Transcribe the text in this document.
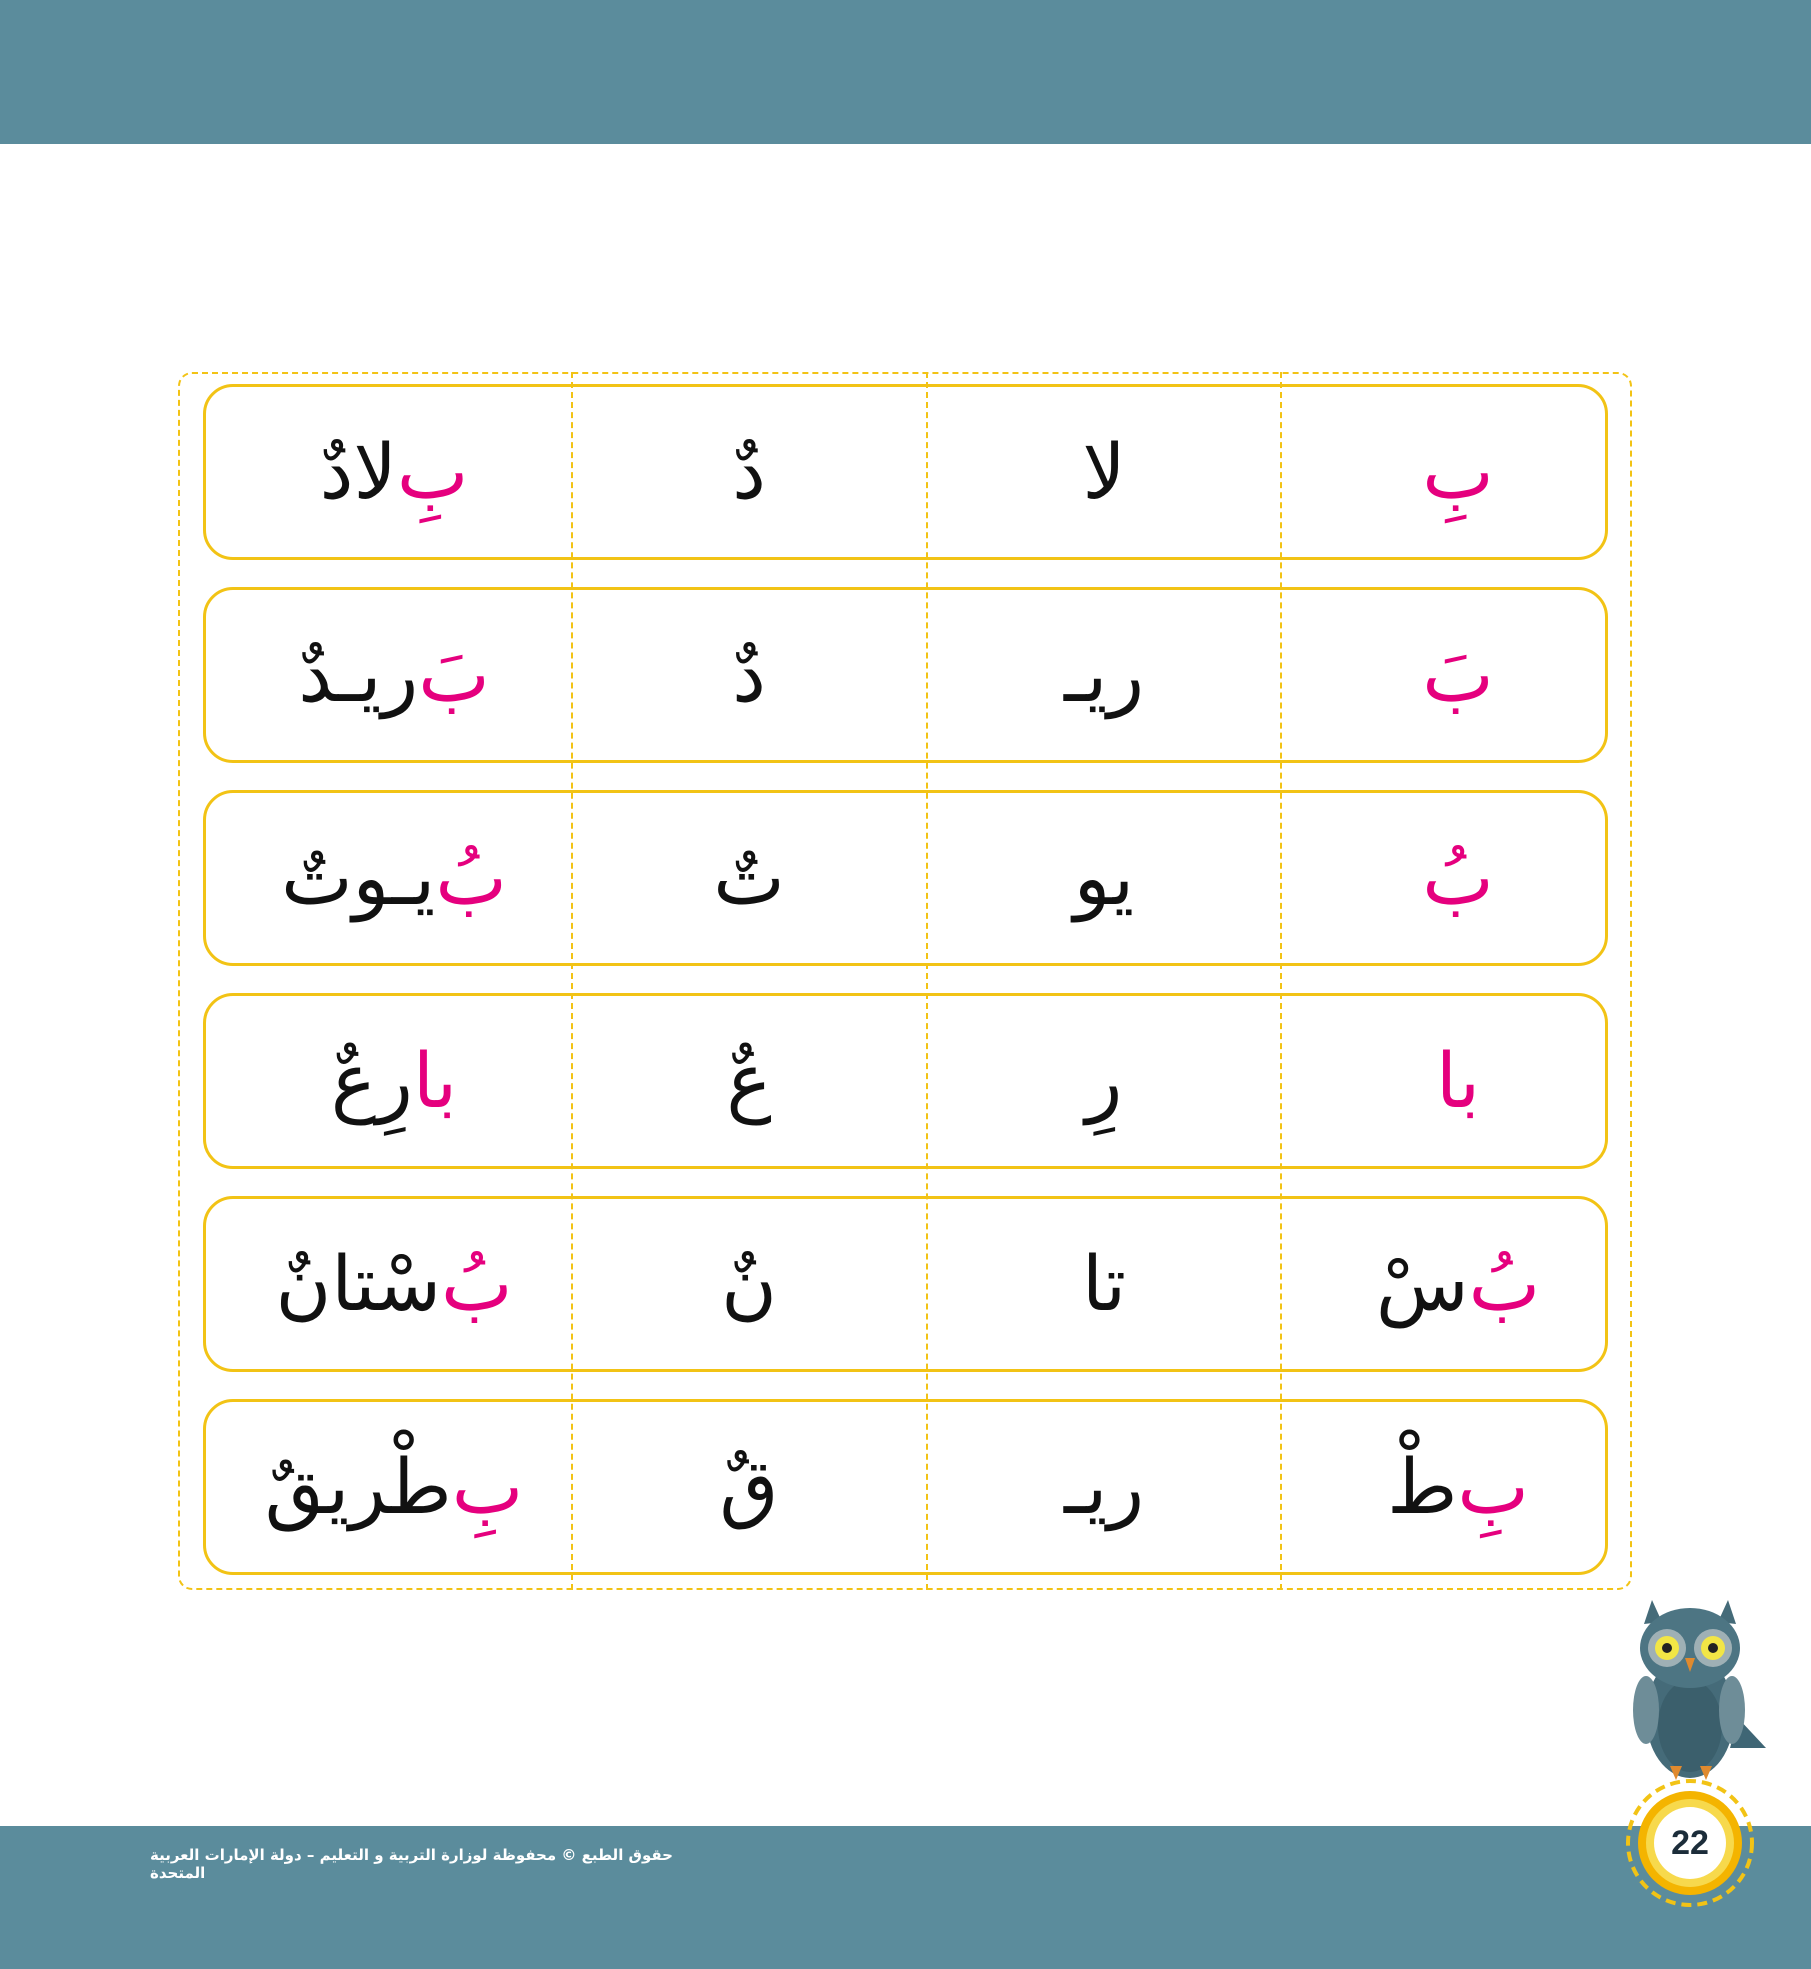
بِ
لا
دٌ
بِ
لادٌ
بَ
ريـ
دٌ
بَ
ريـدٌ
بُ
يو
تٌ
بُ
يـوتٌ
با
رِ
عٌ
با
رِعٌ
بُ
سْ
تا
نٌ
بُ
سْتانٌ
بِ
طْ
ريـ
قٌ
بِ
طْريقٌ
حقوق الطبع © محفوظة لوزارة التربية و التعليم – دولة الإمارات العربية المتحدة
22
